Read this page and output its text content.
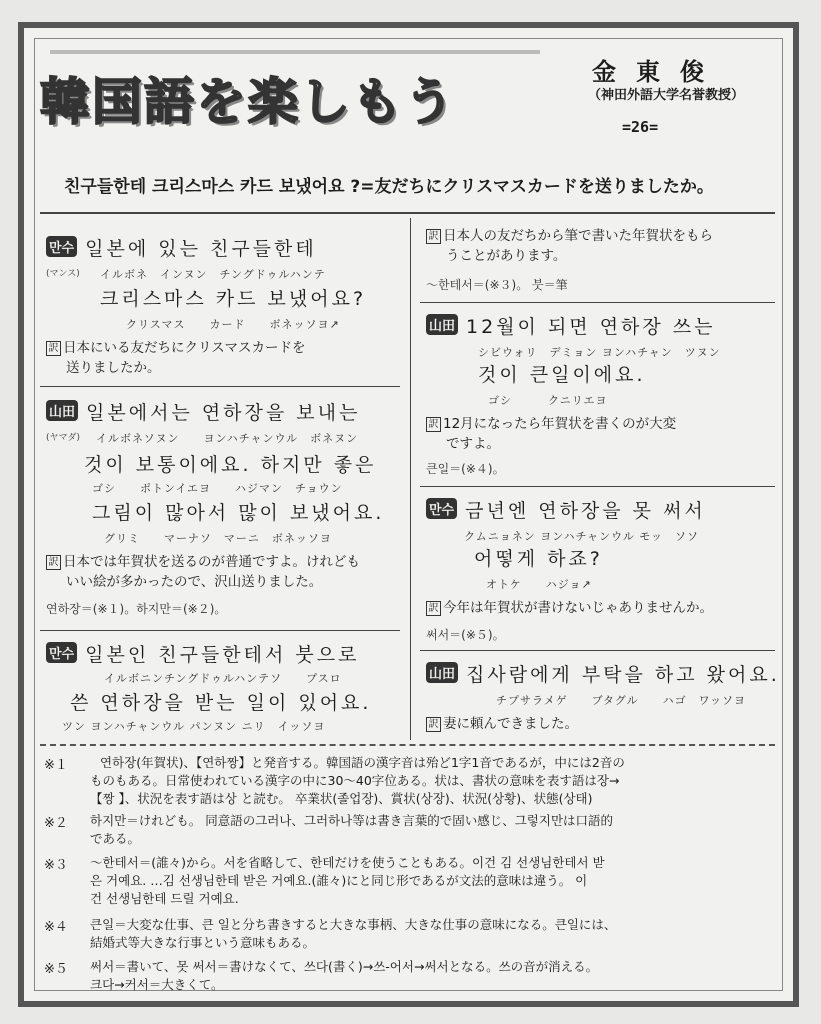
韓国語を楽しもう
金東俊
（神田外語大学名誉教授）
=26=
친구들한테 크리스마스 카드 보냈어요 ?=友だちにクリスマスカードを送りましたか。
만수 일본에 있는 친구들한테
(マンス) イルボネ　インヌン　チングドゥルハンテ
크리스마스 카드 보냈어요?
クリスマス　　カード　　ボネッソヨ↗
訳 日本にいる友だちにクリスマスカードを
送りましたか。
山田 일본에서는 연하장을 보내는
(ヤマダ) イルボネソヌン　　ヨンハチャンウル　ボネヌン
것이 보통이에요. 하지만 좋은
ゴシ　　ポトンイエヨ　　ハジマン　チョウン
그림이 많아서 많이 보냈어요.
グリミ　　マーナソ　マーニ　ボネッソヨ
訳 日本では年賀状を送るのが普通ですよ。けれども
いい絵が多かったので、沢山送りました。
연하장＝(※１)。하지만＝(※２)。
만수 일본인 친구들한테서 붓으로
イルボニンチングドゥルハンテソ　　プスロ
쓴 연하장을 받는 일이 있어요.
ツン ヨンハチャンウル パンヌン ニリ　イッソヨ
訳 日本人の友だちから筆で書いた年賀状をもら
うことがあります。
～한테서＝(※３)。 붓＝筆
山田 12월이 되면 연하장 쓰는
シビウォリ　デミョン ヨンハチャン　ツヌン
것이 큰일이에요.
ゴシ　　　クニリエヨ
訳 12月になったら年賀状を書くのが大変
ですよ。
큰일＝(※４)。
만수 금년엔 연하장을 못 써서
クムニョネン ヨンハチャンウル モッ　ソソ
어떻게 하죠?
オトケ　　ハジョ↗
訳 今年は年賀状が書けないじゃありませんか。
써서＝(※５)。
山田 집사람에게 부탁을 하고 왔어요.
チプサラメゲ　　ブタグル　　ハゴ　ワッソヨ
訳 妻に頼んできました。
※１	연하장(年賀状)、【연하짱】と発音する。韓国語の漢字音は殆ど1字1音であるが，中には2音の
ものもある。日常使われている漢字の中に30～40字位ある。状は、書状の意味を表す語は장→
【짱 】、状況を表す語は상 と読む。 卒業状(졸업장)、賞状(상장)、状況(상황)、状態(상태)
※２ 하지만＝けれども。 同意語の그러나、그러하나等は書き言葉的で固い感じ、그렇지만は口語的
である。
※３ ～한테서＝(誰々)から。서を省略して、한테だけを使うこともある。이건 김 선생님한테서 받
은 거예요. …김 선생님한테 받은 거예요.(誰々)にと同じ形であるが文法的意味は違う。 이
건 선생님한테 드릴 거예요.
※４ 큰일＝大変な仕事、큰 일と分ち書きすると大きな事柄、大きな仕事の意味になる。큰일には、
結婚式等大きな行事という意味もある。
※５ 써서＝書いて、못 써서＝書けなくて、쓰다(書く)→쓰-어서→써서となる。쓰の音が消える。
크다→커서＝大きくて。
